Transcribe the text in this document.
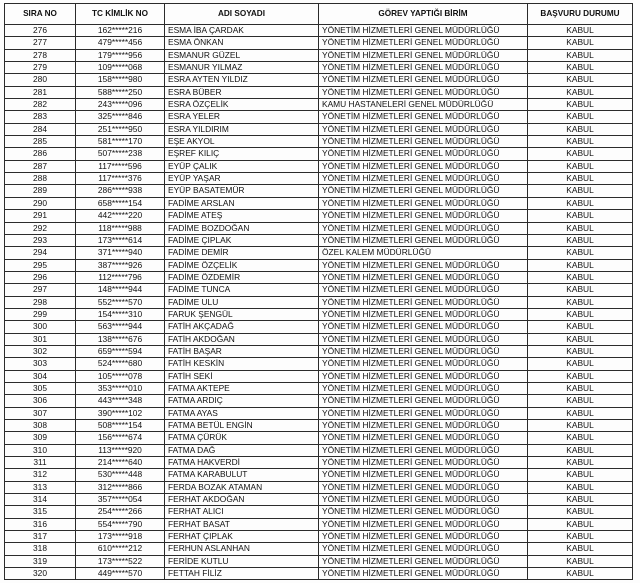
SIRA NO	TC KİMLİK NO	ADI SOYADI	GÖREV YAPTIĞI BİRİM	BAŞVURU DURUMU
276	162*****216	ESMA İBA ÇARDAK	YÖNETİM HİZMETLERİ GENEL MÜDÜRLÜĞÜ	KABUL
277	479*****456	ESMA ÖNKAN	YÖNETİM HİZMETLERİ GENEL MÜDÜRLÜĞÜ	KABUL
278	179*****956	ESMANUR GÜZEL	YÖNETİM HİZMETLERİ GENEL MÜDÜRLÜĞÜ	KABUL
279	109*****068	ESMANUR YILMAZ	YÖNETİM HİZMETLERİ GENEL MÜDÜRLÜĞÜ	KABUL
280	158*****980	ESRA AYTEN YILDIZ	YÖNETİM HİZMETLERİ GENEL MÜDÜRLÜĞÜ	KABUL
281	588*****250	ESRA BÜBER	YÖNETİM HİZMETLERİ GENEL MÜDÜRLÜĞÜ	KABUL
282	243*****096	ESRA ÖZÇELİK	KAMU HASTANELERİ GENEL MÜDÜRLÜĞÜ	KABUL
283	325*****846	ESRA YELER	YÖNETİM HİZMETLERİ GENEL MÜDÜRLÜĞÜ	KABUL
284	251*****950	ESRA YILDIRIM	YÖNETİM HİZMETLERİ GENEL MÜDÜRLÜĞÜ	KABUL
285	581*****170	EŞE AKYOL	YÖNETİM HİZMETLERİ GENEL MÜDÜRLÜĞÜ	KABUL
286	507*****238	EŞREF KILIÇ	YÖNETİM HİZMETLERİ GENEL MÜDÜRLÜĞÜ	KABUL
287	117*****596	EYÜP ÇALIK	YÖNETİM HİZMETLERİ GENEL MÜDÜRLÜĞÜ	KABUL
288	117*****376	EYÜP YAŞAR	YÖNETİM HİZMETLERİ GENEL MÜDÜRLÜĞÜ	KABUL
289	286*****938	EYÜP BASATEMÜR	YÖNETİM HİZMETLERİ GENEL MÜDÜRLÜĞÜ	KABUL
290	658*****154	FADİME ARSLAN	YÖNETİM HİZMETLERİ GENEL MÜDÜRLÜĞÜ	KABUL
291	442*****220	FADİME ATEŞ	YÖNETİM HİZMETLERİ GENEL MÜDÜRLÜĞÜ	KABUL
292	118*****988	FADİME BOZDOĞAN	YÖNETİM HİZMETLERİ GENEL MÜDÜRLÜĞÜ	KABUL
293	173*****614	FADİME ÇIPLAK	YÖNETİM HİZMETLERİ GENEL MÜDÜRLÜĞÜ	KABUL
294	371*****940	FADİME DEMİR	ÖZEL KALEM MÜDÜRLÜĞÜ	KABUL
295	387*****926	FADİME ÖZÇELİK	YÖNETİM HİZMETLERİ GENEL MÜDÜRLÜĞÜ	KABUL
296	112*****796	FADİME ÖZDEMİR	YÖNETİM HİZMETLERİ GENEL MÜDÜRLÜĞÜ	KABUL
297	148*****944	FADİME TUNCA	YÖNETİM HİZMETLERİ GENEL MÜDÜRLÜĞÜ	KABUL
298	552*****570	FADİME ULU	YÖNETİM HİZMETLERİ GENEL MÜDÜRLÜĞÜ	KABUL
299	154*****310	FARUK ŞENGÜL	YÖNETİM HİZMETLERİ GENEL MÜDÜRLÜĞÜ	KABUL
300	563*****944	FATİH AKÇADAĞ	YÖNETİM HİZMETLERİ GENEL MÜDÜRLÜĞÜ	KABUL
301	138*****676	FATİH AKDOĞAN	YÖNETİM HİZMETLERİ GENEL MÜDÜRLÜĞÜ	KABUL
302	659*****594	FATİH BAŞAR	YÖNETİM HİZMETLERİ GENEL MÜDÜRLÜĞÜ	KABUL
303	524*****680	FATİH KESKİN	YÖNETİM HİZMETLERİ GENEL MÜDÜRLÜĞÜ	KABUL
304	105*****078	FATİH SEKİ	YÖNETİM HİZMETLERİ GENEL MÜDÜRLÜĞÜ	KABUL
305	353*****010	FATMA AKTEPE	YÖNETİM HİZMETLERİ GENEL MÜDÜRLÜĞÜ	KABUL
306	443*****348	FATMA ARDIÇ	YÖNETİM HİZMETLERİ GENEL MÜDÜRLÜĞÜ	KABUL
307	390*****102	FATMA AYAS	YÖNETİM HİZMETLERİ GENEL MÜDÜRLÜĞÜ	KABUL
308	508*****154	FATMA BETÜL ENGİN	YÖNETİM HİZMETLERİ GENEL MÜDÜRLÜĞÜ	KABUL
309	156*****674	FATMA ÇÜRÜK	YÖNETİM HİZMETLERİ GENEL MÜDÜRLÜĞÜ	KABUL
310	113*****920	FATMA DAĞ	YÖNETİM HİZMETLERİ GENEL MÜDÜRLÜĞÜ	KABUL
311	214*****640	FATMA HAKVERDİ	YÖNETİM HİZMETLERİ GENEL MÜDÜRLÜĞÜ	KABUL
312	530*****448	FATMA KARABULUT	YÖNETİM HİZMETLERİ GENEL MÜDÜRLÜĞÜ	KABUL
313	312*****866	FERDA BOZAK ATAMAN	YÖNETİM HİZMETLERİ GENEL MÜDÜRLÜĞÜ	KABUL
314	357*****054	FERHAT AKDOĞAN	YÖNETİM HİZMETLERİ GENEL MÜDÜRLÜĞÜ	KABUL
315	254*****266	FERHAT ALICI	YÖNETİM HİZMETLERİ GENEL MÜDÜRLÜĞÜ	KABUL
316	554*****790	FERHAT BASAT	YÖNETİM HİZMETLERİ GENEL MÜDÜRLÜĞÜ	KABUL
317	173*****918	FERHAT ÇIPLAK	YÖNETİM HİZMETLERİ GENEL MÜDÜRLÜĞÜ	KABUL
318	610*****212	FERHUN ASLANHAN	YÖNETİM HİZMETLERİ GENEL MÜDÜRLÜĞÜ	KABUL
319	173*****522	FERİDE KUTLU	YÖNETİM HİZMETLERİ GENEL MÜDÜRLÜĞÜ	KABUL
320	449*****570	FETTAH FİLİZ	YÖNETİM HİZMETLERİ GENEL MÜDÜRLÜĞÜ	KABUL
